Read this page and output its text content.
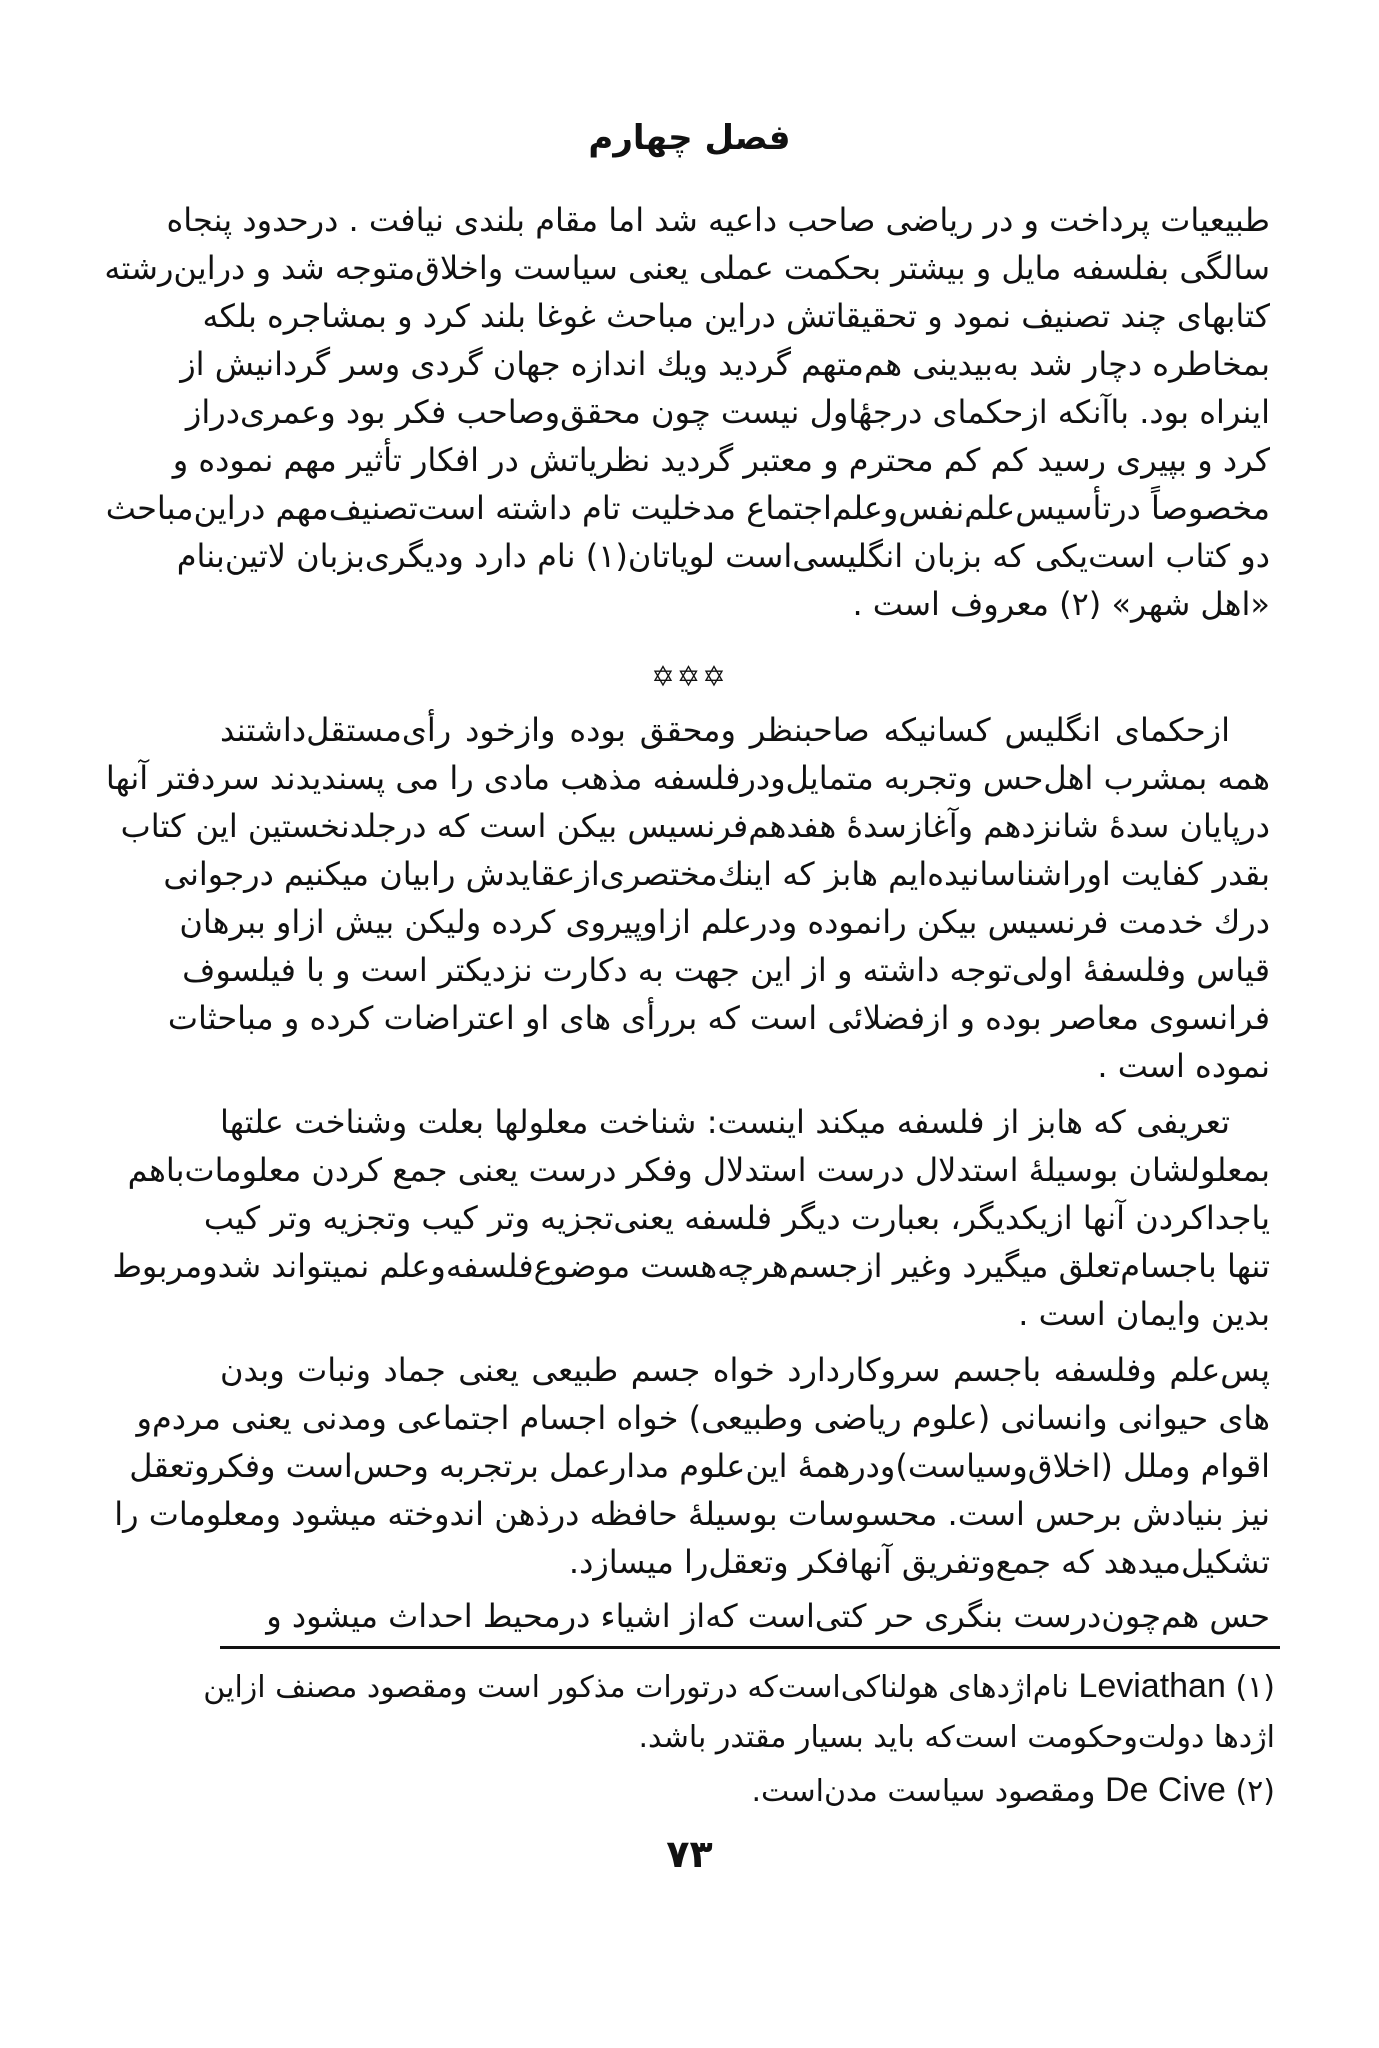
فصل چهارم
طبیعیات پرداخت و در ریاضی صاحب داعیه شد اما مقام بلندی نیافت . درحدود پنجاه
سالگی بفلسفه مایل و بیشتر بحکمت عملی یعنی سیاست واخلاق‌متوجه شد و دراین‌رشته
کتابهای چند تصنیف نمود و تحقیقاتش دراین مباحث غوغا بلند کرد و بمشاجره بلکه
بمخاطره دچار شد به‌بیدینی هم‌متهم گردید ویك اندازه جهان گردی وسر گردانیش از
اینراه بود. باآنکه ازحکمای درجهٔاول نیست چون محقق‌وصاحب فکر بود وعمری‌دراز
کرد و بپیری رسید کم کم محترم و معتبر گردید نظریاتش در افکار تأثیر مهم نموده و
مخصوصاً درتأسیس‌علم‌نفس‌وعلم‌اجتماع مدخلیت تام داشته است‌تصنیف‌مهم دراین‌مباحث
دو کتاب است‌یکی که بزبان انگلیسی‌است لویاتان(۱) نام دارد ودیگری‌بزبان لاتین‌بنام
«اهل شهر» (۲) معروف است .
✡✡✡
ازحکمای انگلیس کسانیکه صاحبنظر ومحقق بوده وازخود رأی‌مستقل‌داشتند
همه بمشرب اهل‌حس وتجربه متمایل‌ودرفلسفه مذهب مادی را می پسندیدند سردفتر آنها
درپایان سدهٔ شانزدهم وآغازسدهٔ هفدهم‌فرنسیس بیکن است که درجلدنخستین این کتاب
بقدر کفایت اوراشناسانیده‌ایم هابز که اینك‌مختصری‌ازعقایدش رابیان میکنیم درجوانی
درك خدمت فرنسیس بیکن رانموده ودرعلم ازاوپیروی کرده ولیکن بیش ازاو ببرهان
قیاس وفلسفهٔ اولی‌توجه داشته و از این جهت به دکارت نزدیکتر است و با فیلسوف
فرانسوی معاصر بوده و ازفضلائی است که بررأی های او اعتراضات کرده و مباحثات
نموده است .
تعریفی که هابز از فلسفه میکند اینست: شناخت معلولها بعلت وشناخت علتها
بمعلولشان بوسیلهٔ استدلال درست استدلال وفکر درست یعنی جمع کردن معلومات‌باهم
یاجداکردن آنها ازیکدیگر، بعبارت دیگر فلسفه یعنی‌تجزیه وتر کیب وتجزیه وتر کیب
تنها باجسام‌تعلق میگیرد وغیر ازجسم‌هرچه‌هست موضوع‌فلسفه‌وعلم نمیتواند شدومربوط
بدین وایمان است .
پس‌علم وفلسفه باجسم سروکاردارد خواه جسم طبیعی یعنی جماد ونبات وبدن
های حیوانی وانسانی (علوم ریاضی وطبیعی) خواه اجسام اجتماعی ومدنی یعنی مردم‌و
اقوام وملل (اخلاق‌وسیاست)ودرهمهٔ این‌علوم مدارعمل برتجربه وحس‌است وفکروتعقل
نیز بنیادش برحس است. محسوسات بوسیلهٔ حافظه درذهن اندوخته میشود ومعلومات را
تشکیل‌میدهد که جمع‌وتفریق آنهافکر وتعقل‌را میسازد.
حس هم‌چون‌درست بنگری حر کتی‌است که‌از اشیاء درمحیط احداث میشود و
(۱) Leviathan نام‌اژدهای هولناکی‌است‌که درتورات مذکور است ومقصود مصنف ازاین
اژدها دولت‌وحکومت است‌که باید بسیار مقتدر باشد.
(۲) De Cive ومقصود سیاست مدن‌است.
۷۳
